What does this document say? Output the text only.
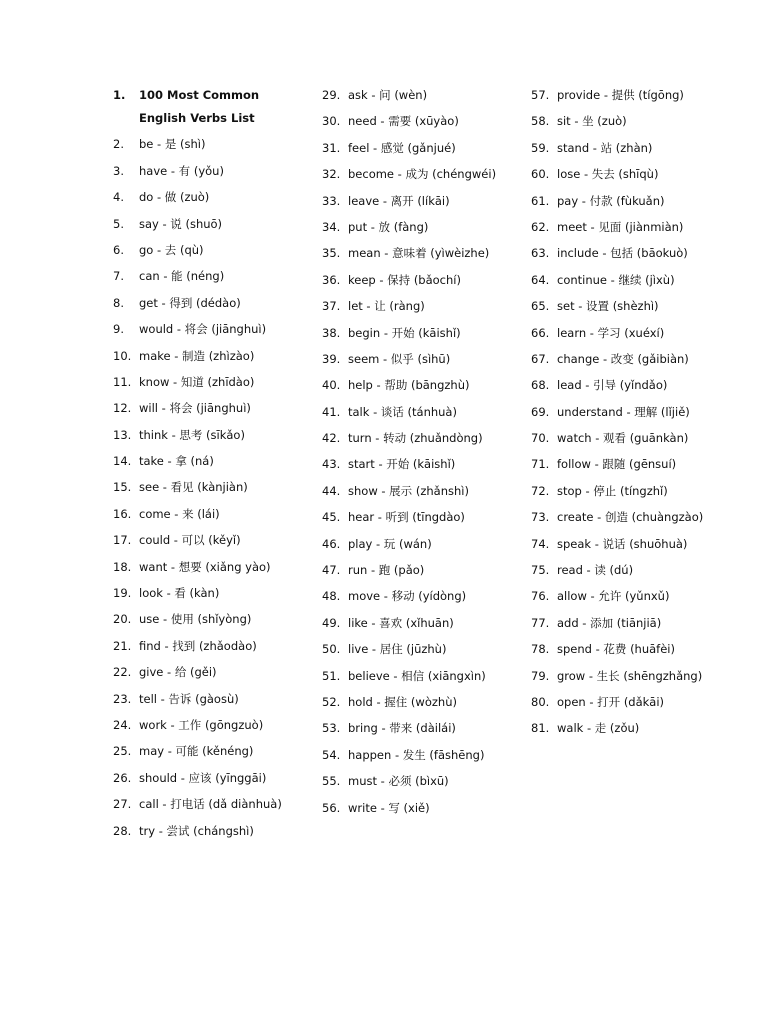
1.	100 Most Common English Verbs List
2.	be - 是 (shì)
3.	have - 有 (yǒu)
4.	do - 做 (zuò)
5.	say - 说 (shuō)
6.	go - 去 (qù)
7.	can - 能 (néng)
8.	get - 得到 (dédào)
9.	would - 将会 (jiānghuì)
10. make - 制造 (zhìzào)
11. know - 知道 (zhīdào)
12. will - 将会 (jiānghuì)
13. think - 思考 (sīkǎo)
14. take - 拿 (ná)
15. see - 看见 (kànjiàn)
16. come - 来 (lái)
17. could - 可以 (kěyǐ)
18. want - 想要 (xiǎng yào)
19. look - 看 (kàn)
20. use - 使用 (shǐyòng)
21. find - 找到 (zhǎodào)
22. give - 给 (gěi)
23. tell - 告诉 (gàosù)
24. work - 工作 (gōngzuò)
25. may - 可能 (kěnéng)
26. should - 应该 (yīnggāi)
27. call - 打电话 (dǎ diànhuà)
28. try - 尝试 (chángshì)
29. ask - 问 (wèn)
30. need - 需要 (xūyào)
31. feel - 感觉 (gǎnjué)
32. become - 成为 (chéngwéi)
33. leave - 离开 (líkāi)
34. put - 放 (fàng)
35. mean - 意味着 (yìwèizhe)
36. keep - 保持 (bǎochí)
37. let - 让 (ràng)
38. begin - 开始 (kāishǐ)
39. seem - 似乎 (sìhū)
40. help - 帮助 (bāngzhù)
41. talk - 谈话 (tánhuà)
42. turn - 转动 (zhuǎndòng)
43. start - 开始 (kāishǐ)
44. show - 展示 (zhǎnshì)
45. hear - 听到 (tīngdào)
46. play - 玩 (wán)
47. run - 跑 (pǎo)
48. move - 移动 (yídòng)
49. like - 喜欢 (xǐhuān)
50. live - 居住 (jūzhù)
51. believe - 相信 (xiāngxìn)
52. hold - 握住 (wòzhù)
53. bring - 带来 (dàilái)
54. happen - 发生 (fāshēng)
55. must - 必须 (bìxū)
56. write - 写 (xiě)
57. provide - 提供 (tígōng)
58. sit - 坐 (zuò)
59. stand - 站 (zhàn)
60. lose - 失去 (shīqù)
61. pay - 付款 (fùkuǎn)
62. meet - 见面 (jiànmiàn)
63. include - 包括 (bāokuò)
64. continue - 继续 (jìxù)
65. set - 设置 (shèzhì)
66. learn - 学习 (xuéxí)
67. change - 改变 (gǎibiàn)
68. lead - 引导 (yǐndǎo)
69. understand - 理解 (lǐjiě)
70. watch - 观看 (guānkàn)
71. follow - 跟随 (gēnsuí)
72. stop - 停止 (tíngzhǐ)
73. create - 创造 (chuàngzào)
74. speak - 说话 (shuōhuà)
75. read - 读 (dú)
76. allow - 允许 (yǔnxǔ)
77. add - 添加 (tiānjiā)
78. spend - 花费 (huāfèi)
79. grow - 生长 (shēngzhǎng)
80. open - 打开 (dǎkāi)
81. walk - 走 (zǒu)
